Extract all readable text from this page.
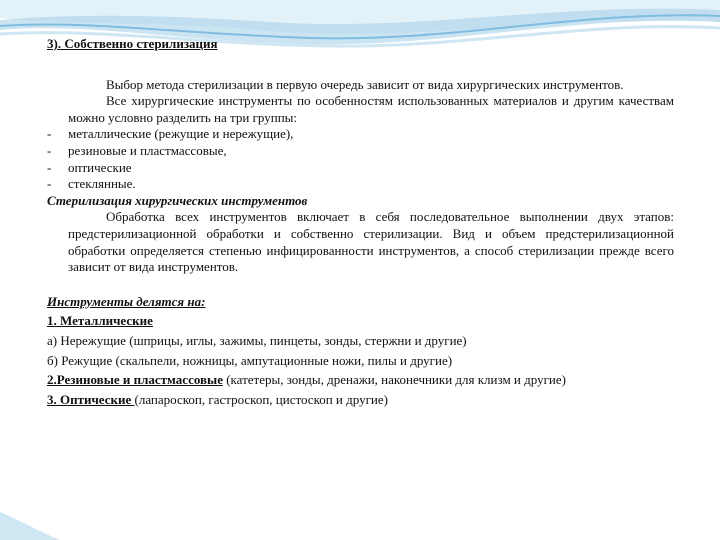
3). Собственно стерилизация
Выбор метода стерилизации в первую очередь зависит от вида хирургических инструментов.
Все хирургические инструменты по особенностям использованных материалов и другим качествам можно условно разделить на три группы:
-	металлические (режущие и нережущие),
-	резиновые и пластмассовые,
-	оптические
-	стеклянные.
Стерилизация хирургических инструментов
Обработка всех инструментов включает в себя последовательное выполнении двух этапов: предстерилизационной обработки и собственно стерилизации. Вид и объем предстерилизационной обработки определяется степенью инфицированности инструментов, а способ стерилизации прежде всего зависит от вида инструментов.
Инструменты делятся на:
1. Металлические
а) Нережущие (шприцы, иглы, зажимы, пинцеты, зонды, стержни и другие)
б) Режущие (скальпели, ножницы, ампутационные ножи, пилы и другие)
2.Резиновые и пластмассовые (катетеры, зонды, дренажи, наконечники для клизм и другие)
3. Оптические (лапароскоп, гастроскоп, цистоскоп и другие)
